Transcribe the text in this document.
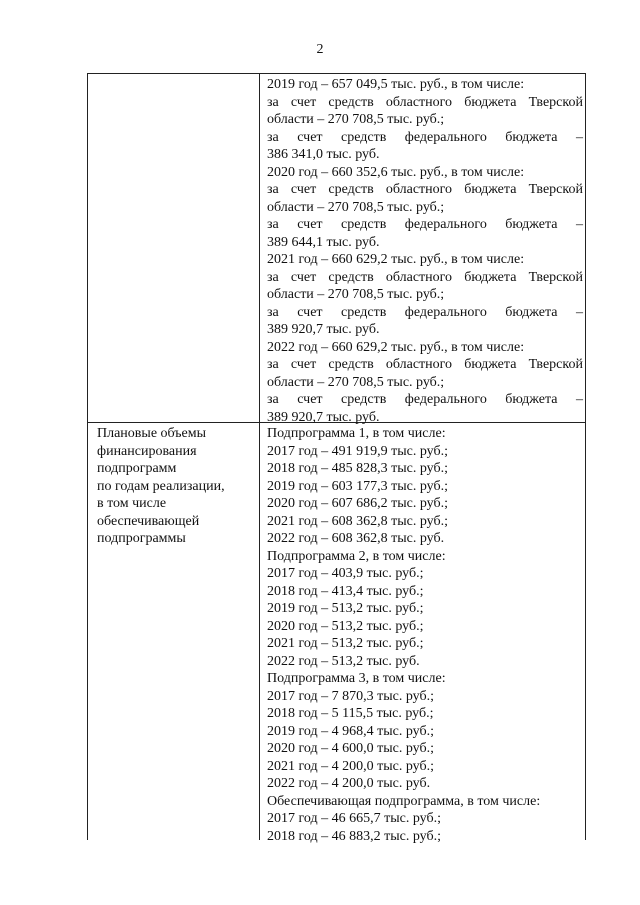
2
2019 год – 657 049,5 тыс. руб., в том числе:
за счет средств областного бюджета Тверской
области – 270 708,5 тыс. руб.;
за счет средств федерального бюджета –
386 341,0 тыс. руб.
2020 год – 660 352,6 тыс. руб., в том числе:
за счет средств областного бюджета Тверской
области – 270 708,5 тыс. руб.;
за счет средств федерального бюджета –
389 644,1 тыс. руб.
2021 год – 660 629,2 тыс. руб., в том числе:
за счет средств областного бюджета Тверской
области – 270 708,5 тыс. руб.;
за счет средств федерального бюджета –
389 920,7 тыс. руб.
2022 год – 660 629,2 тыс. руб., в том числе:
за счет средств областного бюджета Тверской
области – 270 708,5 тыс. руб.;
за счет средств федерального бюджета –
389 920,7 тыс. руб.
Плановые объемы
финансирования
подпрограмм
по годам реализации,
в том числе
обеспечивающей
подпрограммы
Подпрограмма 1, в том числе:
2017 год – 491 919,9 тыс. руб.;
2018 год – 485 828,3 тыс. руб.;
2019 год – 603 177,3 тыс. руб.;
2020 год – 607 686,2 тыс. руб.;
2021 год – 608 362,8 тыс. руб.;
2022 год – 608 362,8 тыс. руб.
Подпрограмма 2, в том числе:
2017 год – 403,9 тыс. руб.;
2018 год – 413,4 тыс. руб.;
2019 год – 513,2 тыс. руб.;
2020 год – 513,2 тыс. руб.;
2021 год – 513,2 тыс. руб.;
2022 год – 513,2 тыс. руб.
Подпрограмма 3, в том числе:
2017 год – 7 870,3 тыс. руб.;
2018 год – 5 115,5 тыс. руб.;
2019 год – 4 968,4 тыс. руб.;
2020 год – 4 600,0 тыс. руб.;
2021 год – 4 200,0 тыс. руб.;
2022 год – 4 200,0 тыс. руб.
Обеспечивающая подпрограмма, в том числе:
2017 год – 46 665,7 тыс. руб.;
2018 год – 46 883,2 тыс. руб.;
